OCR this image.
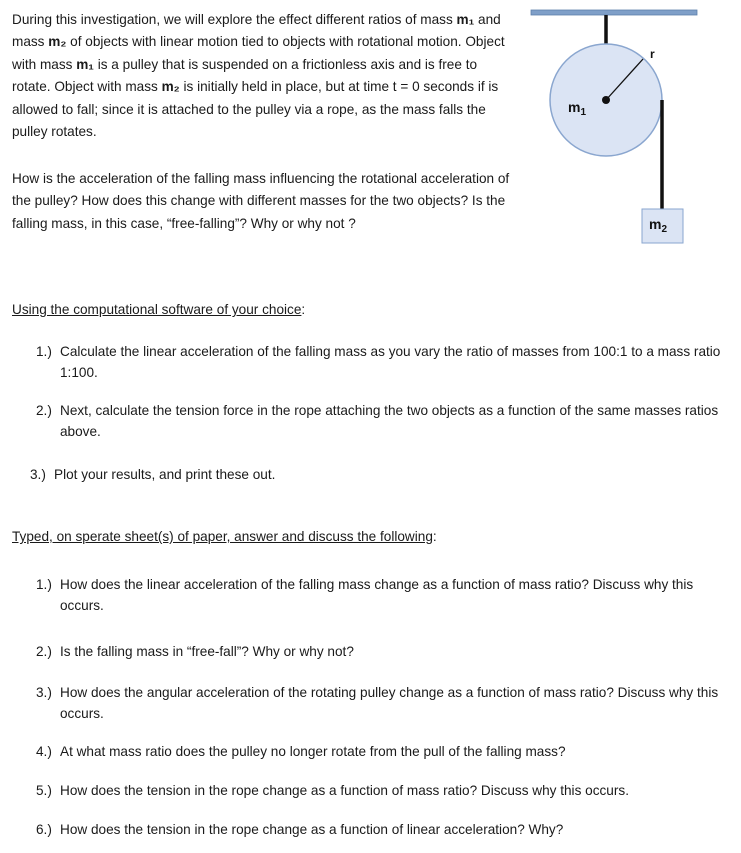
During this investigation, we will explore the effect different ratios of mass m₁ and mass m₂ of objects with linear motion tied to objects with rotational motion. Object with mass m₁ is a pulley that is suspended on a frictionless axis and is free to rotate. Object with mass m₂ is initially held in place, but at time t = 0 seconds if is allowed to fall; since it is attached to the pulley via a rope, as the mass falls the pulley rotates.

How is the acceleration of the falling mass influencing the rotational acceleration of the pulley? How does this change with different masses for the two objects? Is the falling mass, in this case, “free-falling”? Why or why not ?

r
$m_1$
$m_2$

Using the computational software of your choice:

1.) Calculate the linear acceleration of the falling mass as you vary the ratio of masses from 100:1 to a mass ratio 1:100.
2.) Next, calculate the tension force in the rope attaching the two objects as a function of the same masses ratios above.
3.) Plot your results, and print these out.

Typed, on sperate sheet(s) of paper, answer and discuss the following:

1.) How does the linear acceleration of the falling mass change as a function of mass ratio? Discuss why this occurs.
2.) Is the falling mass in “free-fall”? Why or why not?
3.) How does the angular acceleration of the rotating pulley change as a function of mass ratio? Discuss why this occurs.
4.) At what mass ratio does the pulley no longer rotate from the pull of the falling mass?
5.) How does the tension in the rope change as a function of mass ratio? Discuss why this occurs.
6.) How does the tension in the rope change as a function of linear acceleration? Why?
